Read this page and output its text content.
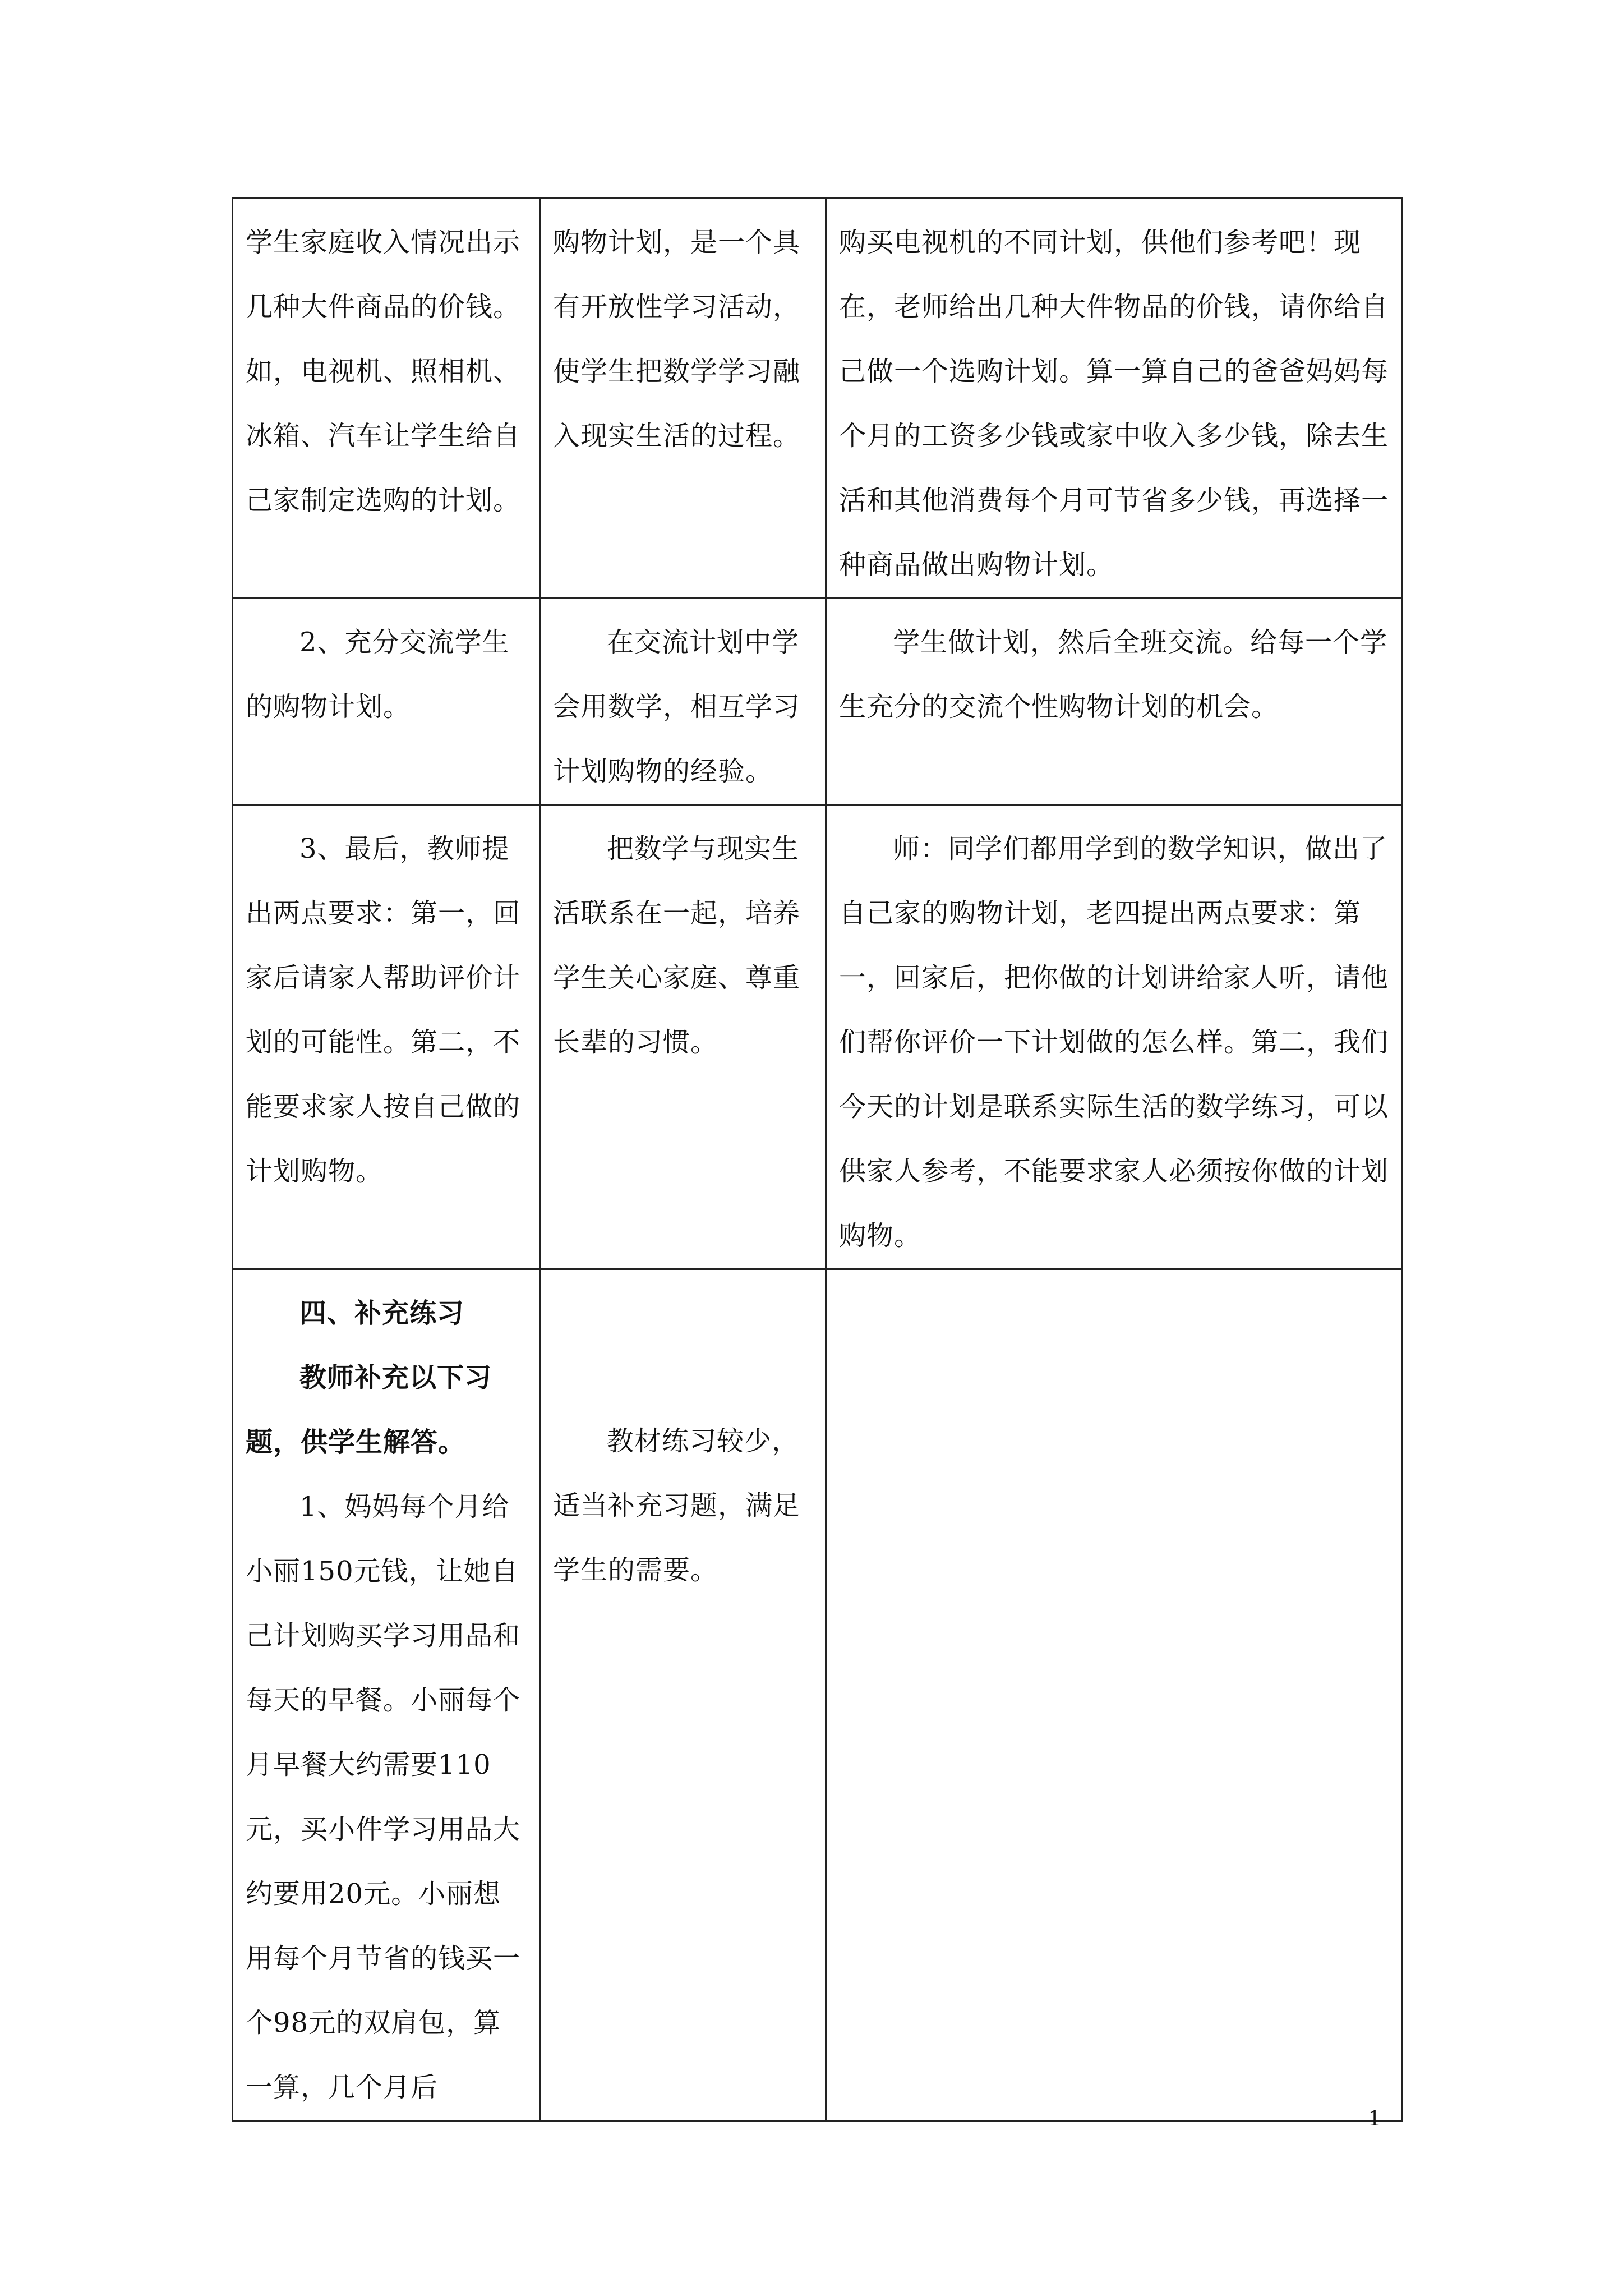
学生家庭收入情况出示几种大件商品的价钱。如，电视机、照相机、冰箱、汽车让学生给自己家制定选购的计划。	购物计划，是一个具有开放性学习活动，使学生把数学学习融入现实生活的过程。	购买电视机的不同计划，供他们参考吧！现在，老师给出几种大件物品的价钱，请你给自己做一个选购计划。算一算自己的爸爸妈妈每个月的工资多少钱或家中收入多少钱，除去生活和其他消费每个月可节省多少钱，再选择一种商品做出购物计划。

2、充分交流学生的购物计划。	在交流计划中学会用数学，相互学习计划购物的经验。	学生做计划，然后全班交流。给每一个学生充分的交流个性购物计划的机会。

3、最后，教师提出两点要求：第一，回家后请家人帮助评价计划的可能性。第二，不能要求家人按自己做的计划购物。	把数学与现实生活联系在一起，培养学生关心家庭、尊重长辈的习惯。	师：同学们都用学到的数学知识，做出了自己家的购物计划，老四提出两点要求：第一，回家后，把你做的计划讲给家人听，请他们帮你评价一下计划做的怎么样。第二，我们今天的计划是联系实际生活的数学练习，可以供家人参考，不能要求家人必须按你做的计划购物。

四、补充练习

教师补充以下习题，供学生解答。

1、妈妈每个月给小丽150元钱，让她自己计划购买学习用品和每天的早餐。小丽每个月早餐大约需要110元，买小件学习用品大约要用20元。小丽想用每个月节省的钱买一个98元的双肩包，算一算，几个月后	教材练习较少，适当补充习题，满足学生的需要。	

1
